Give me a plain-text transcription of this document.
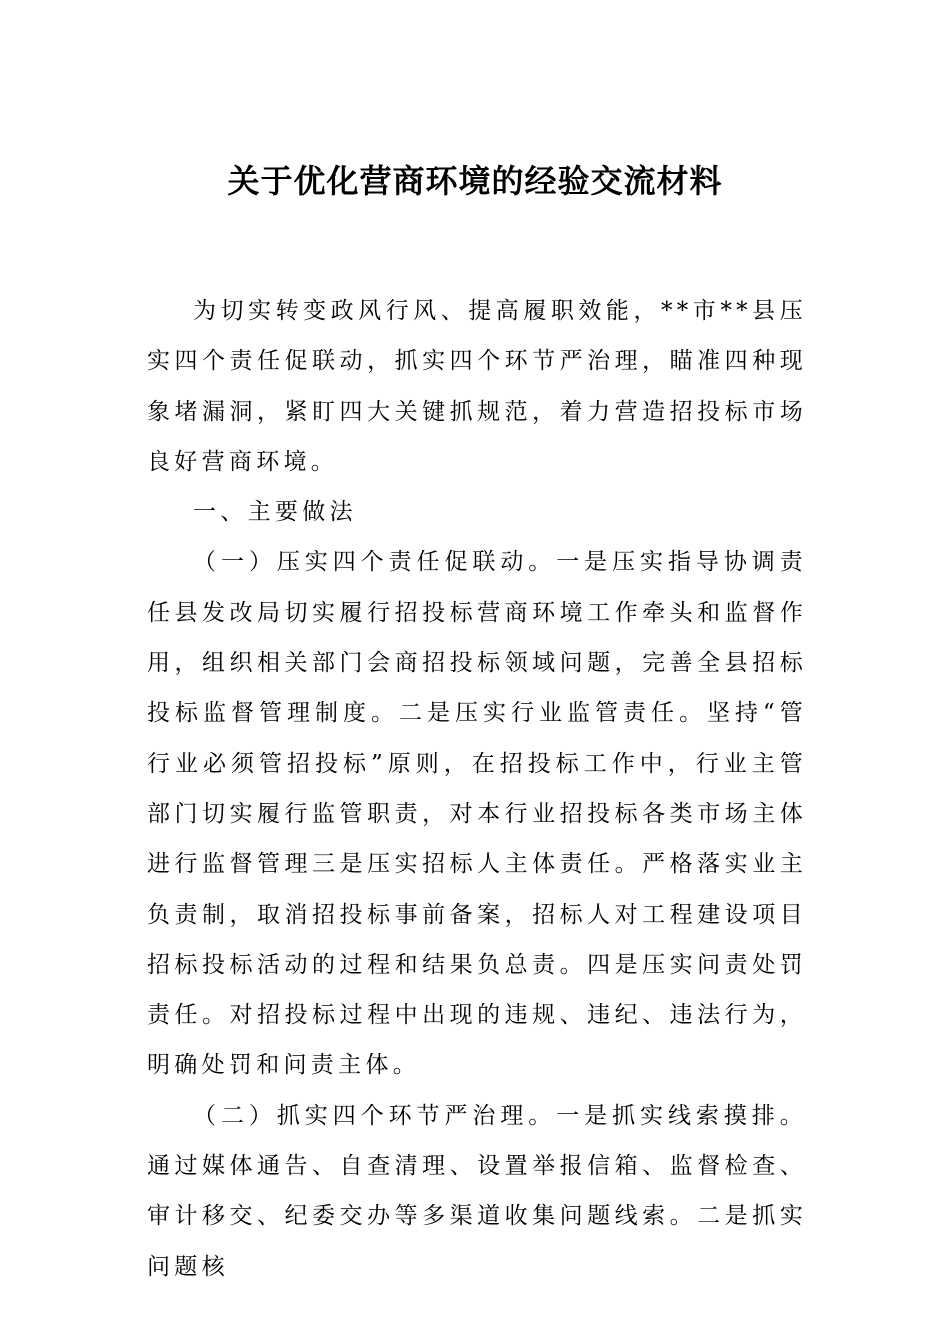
关于优化营商环境的经验交流材料

为切实转变政风行风、提高履职效能，**市**县压实四个责任促联动，抓实四个环节严治理，瞄准四种现象堵漏洞，紧盯四大关键抓规范，着力营造招投标市场良好营商环境。

一、主要做法

（一）压实四个责任促联动。一是压实指导协调责任县发改局切实履行招投标营商环境工作牵头和监督作用，组织相关部门会商招投标领域问题，完善全县招标投标监督管理制度。二是压实行业监管责任。坚持“管行业必须管招投标”原则，在招投标工作中，行业主管部门切实履行监管职责，对本行业招投标各类市场主体进行监督管理三是压实招标人主体责任。严格落实业主负责制，取消招投标事前备案，招标人对工程建设项目招标投标活动的过程和结果负总责。四是压实问责处罚责任。对招投标过程中出现的违规、违纪、违法行为，明确处罚和问责主体。

（二）抓实四个环节严治理。一是抓实线索摸排。通过媒体通告、自查清理、设置举报信箱、监督检查、审计移交、纪委交办等多渠道收集问题线索。二是抓实问题核
